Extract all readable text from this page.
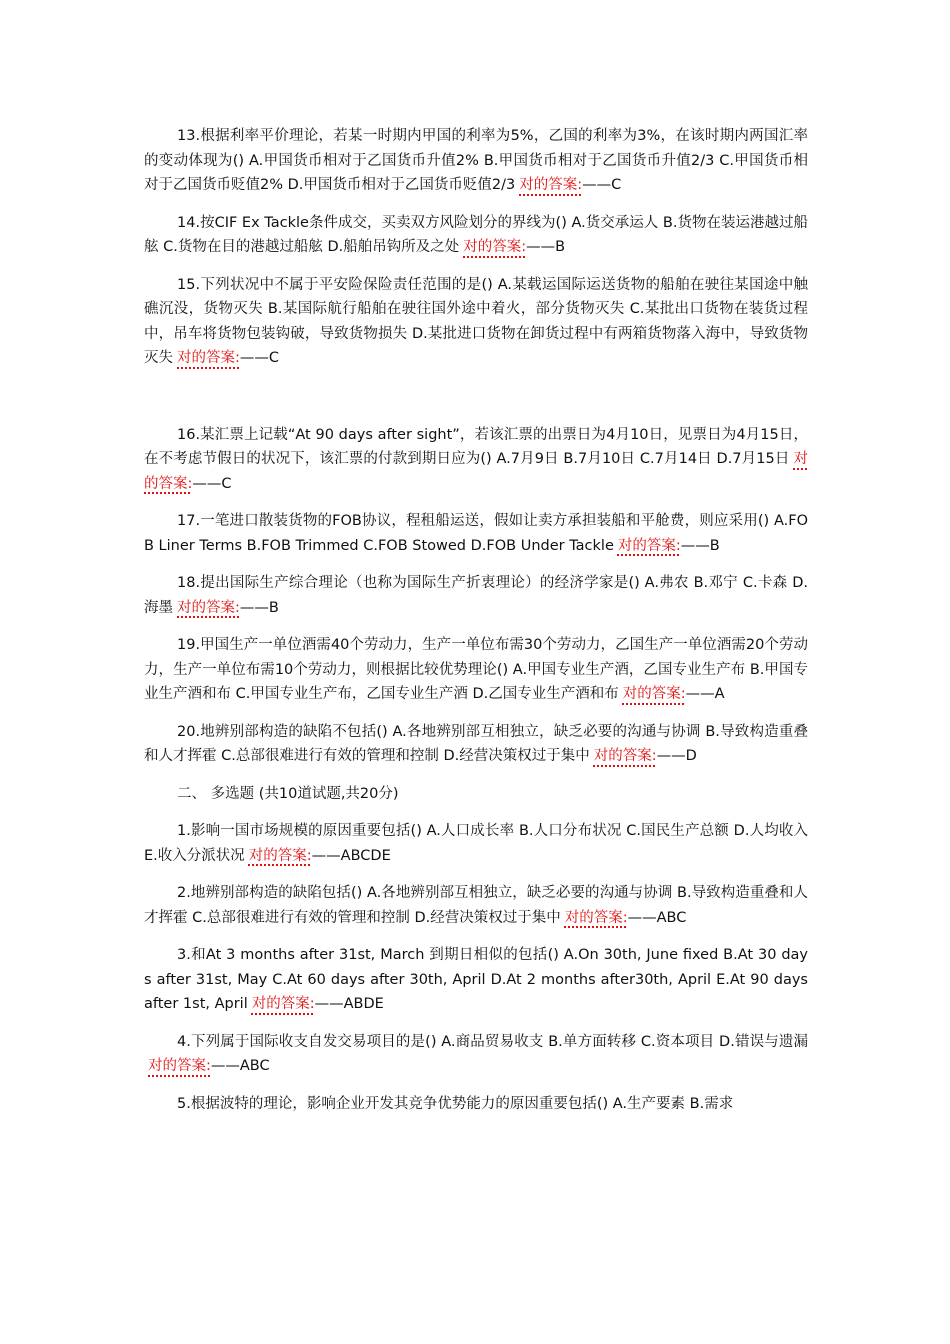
13.根据利率平价理论，若某一时期内甲国的利率为5%，乙国的利率为3%，在该时期内两国汇率的变动体现为() A.甲国货币相对于乙国货币升值2% B.甲国货币相对于乙国货币升值2/3 C.甲国货币相对于乙国货币贬值2% D.甲国货币相对于乙国货币贬值2/3 对的答案:——C

14.按CIF Ex Tackle条件成交，买卖双方风险划分的界线为() A.货交承运人 B.货物在装运港越过船舷 C.货物在目的港越过船舷 D.船舶吊钩所及之处 对的答案:——B

15.下列状况中不属于平安险保险责任范围的是() A.某载运国际运送货物的船舶在驶往某国途中触礁沉没，货物灭失 B.某国际航行船舶在驶往国外途中着火，部分货物灭失 C.某批出口货物在装货过程中，吊车将货物包装钩破，导致货物损失 D.某批进口货物在卸货过程中有两箱货物落入海中，导致货物灭失 对的答案:——C

16.某汇票上记载“At 90 days after sight”，若该汇票的出票日为4月10日，见票日为4月15日，在不考虑节假日的状况下，该汇票的付款到期日应为() A.7月9日 B.7月10日 C.7月14日 D.7月15日 对的答案:——C

17.一笔进口散装货物的FOB协议，程租船运送，假如让卖方承担装船和平舱费，则应采用() A.FOB Liner Terms B.FOB Trimmed C.FOB Stowed D.FOB Under Tackle 对的答案:——B

18.提出国际生产综合理论（也称为国际生产折衷理论）的经济学家是() A.弗农 B.邓宁 C.卡森 D.海墨 对的答案:——B

19.甲国生产一单位酒需40个劳动力，生产一单位布需30个劳动力，乙国生产一单位酒需20个劳动力，生产一单位布需10个劳动力，则根据比较优势理论() A.甲国专业生产酒，乙国专业生产布 B.甲国专业生产酒和布 C.甲国专业生产布，乙国专业生产酒 D.乙国专业生产酒和布 对的答案:——A

20.地辨别部构造的缺陷不包括() A.各地辨别部互相独立，缺乏必要的沟通与协调 B.导致构造重叠和人才挥霍 C.总部很难进行有效的管理和控制 D.经营决策权过于集中 对的答案:——D

二、 多选题 (共10道试题,共20分)

1.影响一国市场规模的原因重要包括() A.人口成长率 B.人口分布状况 C.国民生产总额 D.人均收入 E.收入分派状况 对的答案:——ABCDE

2.地辨别部构造的缺陷包括() A.各地辨别部互相独立，缺乏必要的沟通与协调 B.导致构造重叠和人才挥霍 C.总部很难进行有效的管理和控制 D.经营决策权过于集中 对的答案:——ABC

3.和At 3 months after 31st, March 到期日相似的包括() A.On 30th, June fixed B.At 30 days after 31st, May C.At 60 days after 30th, April D.At 2 months after30th, April E.At 90 days after 1st, April 对的答案:——ABDE

4.下列属于国际收支自发交易项目的是() A.商品贸易收支 B.单方面转移 C.资本项目 D.错误与遗漏对的答案:——ABC

5.根据波特的理论，影响企业开发其竞争优势能力的原因重要包括() A.生产要素 B.需求
